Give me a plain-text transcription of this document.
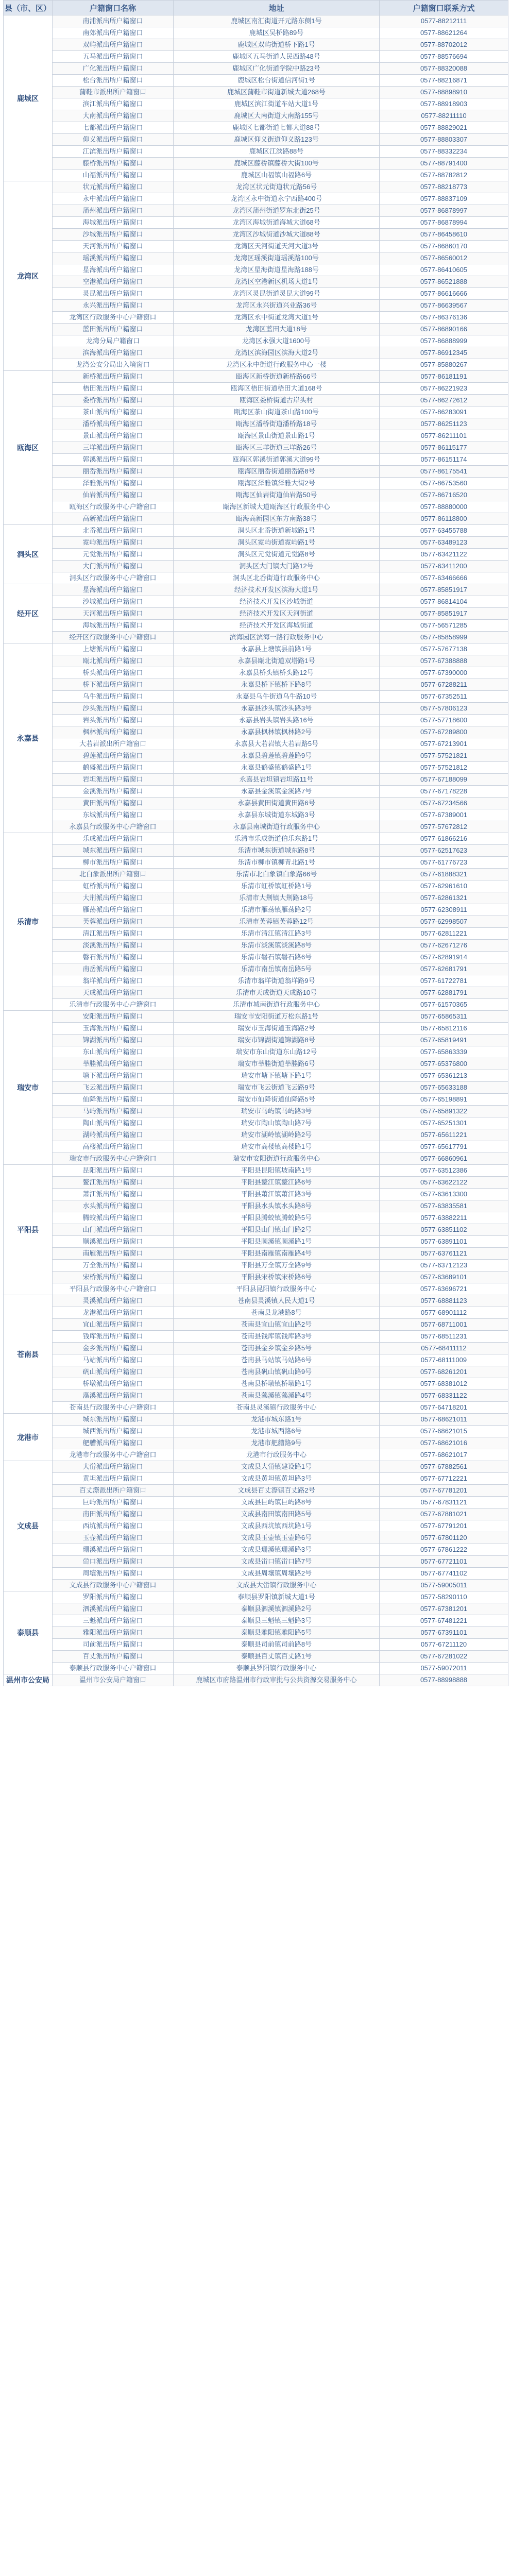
县（市、区）	户籍窗口名称	地址	户籍窗口联系方式
鹿城区	南浦派出所户籍窗口	鹿城区南汇街道开元路东侧1号	0577-88212111
	南郊派出所户籍窗口	鹿城区吴桥路89号	0577-88621264
	双屿派出所户籍窗口	鹿城区双屿街道桥下路1号	0577-88702012
	五马派出所户籍窗口	鹿城区五马街道人民西路48号	0577-88576694
	广化派出所户籍窗口	鹿城区广化街道学院中路23号	0577-88320088
	松台派出所户籍窗口	鹿城区松台街道信河街1号	0577-88216871
	蒲鞋市派出所户籍窗口	鹿城区蒲鞋市街道新城大道268号	0577-88898910
	滨江派出所户籍窗口	鹿城区滨江街道车站大道1号	0577-88918903
	大南派出所户籍窗口	鹿城区大南街道大南路155号	0577-88211110
	七都派出所户籍窗口	鹿城区七都街道七都大道88号	0577-88829021
	仰义派出所户籍窗口	鹿城区仰义街道仰义路123号	0577-88803307
	江滨派出所户籍窗口	鹿城区江滨路88号	0577-88332234
	藤桥派出所户籍窗口	鹿城区藤桥镇藤桥大街100号	0577-88791400
	山福派出所户籍窗口	鹿城区山福镇山福路6号	0577-88782812
龙湾区	状元派出所户籍窗口	龙湾区状元街道状元路56号	0577-88218773
	永中派出所户籍窗口	龙湾区永中街道永宁西路400号	0577-88837109
	蒲州派出所户籍窗口	龙湾区蒲州街道罗东北街25号	0577-86878997
	海城派出所户籍窗口	龙湾区海城街道海城大道68号	0577-86878994
	沙城派出所户籍窗口	龙湾区沙城街道沙城大道88号	0577-86458610
	天河派出所户籍窗口	龙湾区天河街道天河大道3号	0577-86860170
	瑶溪派出所户籍窗口	龙湾区瑶溪街道瑶溪路100号	0577-86560012
	星海派出所户籍窗口	龙湾区星海街道星海路188号	0577-86410605
	空港派出所户籍窗口	龙湾区空港新区机场大道1号	0577-86521888
	灵昆派出所户籍窗口	龙湾区灵昆街道灵昆大道99号	0577-86616666
	永兴派出所户籍窗口	龙湾区永兴街道兴业路36号	0577-86639567
	龙湾区行政服务中心户籍窗口	龙湾区永中街道龙湾大道1号	0577-86376136
	蓝田派出所户籍窗口	龙湾区蓝田大道18号	0577-86890166
	龙湾分局户籍窗口	龙湾区永强大道1600号	0577-86888999
	滨海派出所户籍窗口	龙湾区滨海园区滨海大道2号	0577-86912345
	龙湾公安分局出入境窗口	龙湾区永中街道行政服务中心一楼	0577-85880267
瓯海区	新桥派出所户籍窗口	瓯海区新桥街道新桥路66号	0577-86181191
	梧田派出所户籍窗口	瓯海区梧田街道梧田大道168号	0577-86221923
	娄桥派出所户籍窗口	瓯海区娄桥街道古岸头村	0577-86272612
	茶山派出所户籍窗口	瓯海区茶山街道茶山路100号	0577-86283091
	潘桥派出所户籍窗口	瓯海区潘桥街道潘桥路18号	0577-86251123
	景山派出所户籍窗口	瓯海区景山街道景山路1号	0577-86211101
	三垟派出所户籍窗口	瓯海区三垟街道三垟路26号	0577-86115177
	郭溪派出所户籍窗口	瓯海区郭溪街道郭溪大道99号	0577-86151174
	丽岙派出所户籍窗口	瓯海区丽岙街道丽岙路8号	0577-86175541
	泽雅派出所户籍窗口	瓯海区泽雅镇泽雅大街2号	0577-86753560
	仙岩派出所户籍窗口	瓯海区仙岩街道仙岩路50号	0577-86716520
	瓯海区行政服务中心户籍窗口	瓯海区新城大道瓯海区行政服务中心	0577-88880000
	高新派出所户籍窗口	瓯海高新园区东方南路38号	0577-86118800
洞头区	北岙派出所户籍窗口	洞头区北岙街道新城路1号	0577-63455788
	霓屿派出所户籍窗口	洞头区霓屿街道霓屿路1号	0577-63489123
	元觉派出所户籍窗口	洞头区元觉街道元觉路8号	0577-63421122
	大门派出所户籍窗口	洞头区大门镇大门路12号	0577-63411200
	洞头区行政服务中心户籍窗口	洞头区北岙街道行政服务中心	0577-63466666
经开区	星海派出所户籍窗口	经济技术开发区滨海大道1号	0577-85851917
	沙城派出所户籍窗口	经济技术开发区沙城街道	0577-86814104
	天河派出所户籍窗口	经济技术开发区天河街道	0577-85851917
	海城派出所户籍窗口	经济技术开发区海城街道	0577-56571285
	经开区行政服务中心户籍窗口	滨海园区滨海一路行政服务中心	0577-85858999
永嘉县	上塘派出所户籍窗口	永嘉县上塘镇县前路1号	0577-57677138
	瓯北派出所户籍窗口	永嘉县瓯北街道双塔路1号	0577-67388888
	桥头派出所户籍窗口	永嘉县桥头镇桥头路12号	0577-67390000
	桥下派出所户籍窗口	永嘉县桥下镇桥下路8号	0577-67288211
	乌牛派出所户籍窗口	永嘉县乌牛街道乌牛路10号	0577-67352511
	沙头派出所户籍窗口	永嘉县沙头镇沙头路3号	0577-57806123
	岩头派出所户籍窗口	永嘉县岩头镇岩头路16号	0577-57718600
	枫林派出所户籍窗口	永嘉县枫林镇枫林路2号	0577-67289800
	大若岩派出所户籍窗口	永嘉县大若岩镇大若岩路5号	0577-67213901
	碧莲派出所户籍窗口	永嘉县碧莲镇碧莲路9号	0577-57521821
	鹤盛派出所户籍窗口	永嘉县鹤盛镇鹤盛路1号	0577-57521812
	岩坦派出所户籍窗口	永嘉县岩坦镇岩坦路11号	0577-67188099
	金溪派出所户籍窗口	永嘉县金溪镇金溪路7号	0577-67178228
	黄田派出所户籍窗口	永嘉县黄田街道黄田路6号	0577-67234566
	东城派出所户籍窗口	永嘉县东城街道东城路3号	0577-67389001
	永嘉县行政服务中心户籍窗口	永嘉县南城街道行政服务中心	0577-57672812
乐清市	乐成派出所户籍窗口	乐清市乐成街道伯乐东路1号	0577-61866216
	城东派出所户籍窗口	乐清市城东街道城东路8号	0577-62517623
	柳市派出所户籍窗口	乐清市柳市镇柳青北路1号	0577-61776723
	北白象派出所户籍窗口	乐清市北白象镇白象路66号	0577-61888321
	虹桥派出所户籍窗口	乐清市虹桥镇虹桥路1号	0577-62961610
	大荆派出所户籍窗口	乐清市大荆镇大荆路18号	0577-62861321
	雁荡派出所户籍窗口	乐清市雁荡镇雁荡路2号	0577-62308911
	芙蓉派出所户籍窗口	乐清市芙蓉镇芙蓉路12号	0577-62998507
	清江派出所户籍窗口	乐清市清江镇清江路3号	0577-62811221
	淡溪派出所户籍窗口	乐清市淡溪镇淡溪路8号	0577-62671276
	磐石派出所户籍窗口	乐清市磐石镇磐石路6号	0577-62891914
	南岳派出所户籍窗口	乐清市南岳镇南岳路5号	0577-62681791
	翁垟派出所户籍窗口	乐清市翁垟街道翁垟路9号	0577-61722781
	天成派出所户籍窗口	乐清市天成街道天成路10号	0577-62881791
	乐清市行政服务中心户籍窗口	乐清市城南街道行政服务中心	0577-61570365
瑞安市	安阳派出所户籍窗口	瑞安市安阳街道万松东路1号	0577-65865311
	玉海派出所户籍窗口	瑞安市玉海街道玉海路2号	0577-65812116
	锦湖派出所户籍窗口	瑞安市锦湖街道锦湖路8号	0577-65819491
	东山派出所户籍窗口	瑞安市东山街道东山路12号	0577-65863339
	莘塍派出所户籍窗口	瑞安市莘塍街道莘塍路6号	0577-65376800
	塘下派出所户籍窗口	瑞安市塘下镇塘下路1号	0577-65361213
	飞云派出所户籍窗口	瑞安市飞云街道飞云路9号	0577-65633188
	仙降派出所户籍窗口	瑞安市仙降街道仙降路5号	0577-65198891
	马屿派出所户籍窗口	瑞安市马屿镇马屿路3号	0577-65891322
	陶山派出所户籍窗口	瑞安市陶山镇陶山路7号	0577-65251301
	湖岭派出所户籍窗口	瑞安市湖岭镇湖岭路2号	0577-65611221
	高楼派出所户籍窗口	瑞安市高楼镇高楼路1号	0577-65617791
	瑞安市行政服务中心户籍窗口	瑞安市安阳街道行政服务中心	0577-66860961
平阳县	昆阳派出所户籍窗口	平阳县昆阳镇坡南路1号	0577-63512386
	鳌江派出所户籍窗口	平阳县鳌江镇鳌江路6号	0577-63622122
	萧江派出所户籍窗口	平阳县萧江镇萧江路3号	0577-63613300
	水头派出所户籍窗口	平阳县水头镇水头路8号	0577-63835581
	腾蛟派出所户籍窗口	平阳县腾蛟镇腾蛟路5号	0577-63882211
	山门派出所户籍窗口	平阳县山门镇山门路2号	0577-63851102
	顺溪派出所户籍窗口	平阳县顺溪镇顺溪路1号	0577-63891101
	南雁派出所户籍窗口	平阳县南雁镇南雁路4号	0577-63761121
	万全派出所户籍窗口	平阳县万全镇万全路9号	0577-63712123
	宋桥派出所户籍窗口	平阳县宋桥镇宋桥路6号	0577-63689101
	平阳县行政服务中心户籍窗口	平阳县昆阳镇行政服务中心	0577-63696721
苍南县	灵溪派出所户籍窗口	苍南县灵溪镇人民大道1号	0577-68881123
	龙港派出所户籍窗口	苍南县龙港路8号	0577-68901112
	宜山派出所户籍窗口	苍南县宜山镇宜山路2号	0577-68711001
	钱库派出所户籍窗口	苍南县钱库镇钱库路3号	0577-68511231
	金乡派出所户籍窗口	苍南县金乡镇金乡路5号	0577-68411112
	马站派出所户籍窗口	苍南县马站镇马站路6号	0577-68111009
	矾山派出所户籍窗口	苍南县矾山镇矾山路9号	0577-68261201
	桥墩派出所户籍窗口	苍南县桥墩镇桥墩路1号	0577-68381012
	藻溪派出所户籍窗口	苍南县藻溪镇藻溪路4号	0577-68331122
	苍南县行政服务中心户籍窗口	苍南县灵溪镇行政服务中心	0577-64718201
龙港市	城东派出所户籍窗口	龙港市城东路1号	0577-68621011
	城西派出所户籍窗口	龙港市城西路6号	0577-68621015
	舥艚派出所户籍窗口	龙港市舥艚路9号	0577-68621016
	龙港市行政服务中心户籍窗口	龙港市行政服务中心	0577-68621017
文成县	大峃派出所户籍窗口	文成县大峃镇建设路1号	0577-67882561
	黄坦派出所户籍窗口	文成县黄坦镇黄坦路3号	0577-67712221
	百丈漈派出所户籍窗口	文成县百丈漈镇百丈路2号	0577-67781201
	巨屿派出所户籍窗口	文成县巨屿镇巨屿路8号	0577-67831121
	南田派出所户籍窗口	文成县南田镇南田路5号	0577-67881021
	西坑派出所户籍窗口	文成县西坑镇西坑路1号	0577-67791201
	玉壶派出所户籍窗口	文成县玉壶镇玉壶路6号	0577-67801120
	珊溪派出所户籍窗口	文成县珊溪镇珊溪路3号	0577-67861222
	峃口派出所户籍窗口	文成县峃口镇峃口路7号	0577-67721101
	周壤派出所户籍窗口	文成县周壤镇周壤路2号	0577-67741102
	文成县行政服务中心户籍窗口	文成县大峃镇行政服务中心	0577-59005011
泰顺县	罗阳派出所户籍窗口	泰顺县罗阳镇新城大道1号	0577-58290110
	泗溪派出所户籍窗口	泰顺县泗溪镇泗溪路2号	0577-67381201
	三魁派出所户籍窗口	泰顺县三魁镇三魁路3号	0577-67481221
	雅阳派出所户籍窗口	泰顺县雅阳镇雅阳路5号	0577-67391101
	司前派出所户籍窗口	泰顺县司前镇司前路8号	0577-67211120
	百丈派出所户籍窗口	泰顺县百丈镇百丈路1号	0577-67281022
	泰顺县行政服务中心户籍窗口	泰顺县罗阳镇行政服务中心	0577-59072011
温州市公安局	温州市公安局户籍窗口	鹿城区市府路温州市行政审批与公共资源交易服务中心	0577-88998888
